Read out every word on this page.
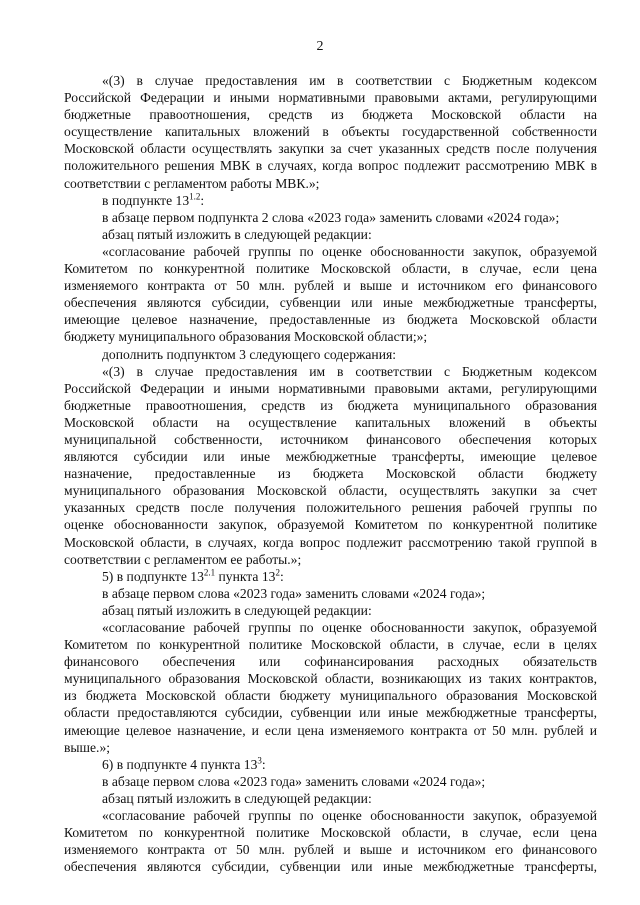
2

«(3) в случае предоставления им в соответствии с Бюджетным кодексом

Российской Федерации и иными нормативными правовыми актами, регулирующими

бюджетные правоотношения, средств из бюджета Московской области на

осуществление капитальных вложений в объекты государственной собственности

Московской области осуществлять закупки за счет указанных средств после получения

положительного решения МВК в случаях, когда вопрос подлежит рассмотрению МВК в

соответствии с регламентом работы МВК.»;

в подпункте $13^{1.2}$:

в абзаце первом подпункта 2 слова «2023 года» заменить словами «2024 года»;

абзац пятый изложить в следующей редакции:

«согласование рабочей группы по оценке обоснованности закупок, образуемой

Комитетом по конкурентной политике Московской области, в случае, если цена

изменяемого контракта от 50 млн. рублей и выше и источником его финансового

обеспечения являются субсидии, субвенции или иные межбюджетные трансферты,

имеющие целевое назначение, предоставленные из бюджета Московской области

бюджету муниципального образования Московской области;»;

дополнить подпунктом 3 следующего содержания:

«(3) в случае предоставления им в соответствии с Бюджетным кодексом

Российской Федерации и иными нормативными правовыми актами, регулирующими

бюджетные правоотношения, средств из бюджета муниципального образования

Московской области на осуществление капитальных вложений в объекты

муниципальной собственности, источником финансового обеспечения которых

являются субсидии или иные межбюджетные трансферты, имеющие целевое

назначение, предоставленные из бюджета Московской области бюджету

муниципального образования Московской области, осуществлять закупки за счет

указанных средств после получения положительного решения рабочей группы по

оценке обоснованности закупок, образуемой Комитетом по конкурентной политике

Московской области, в случаях, когда вопрос подлежит рассмотрению такой группой в

соответствии с регламентом ее работы.»;

5) в подпункте $13^{2.1}$ пункта $13^2$:

в абзаце первом слова «2023 года» заменить словами «2024 года»;

абзац пятый изложить в следующей редакции:

«согласование рабочей группы по оценке обоснованности закупок, образуемой

Комитетом по конкурентной политике Московской области, в случае, если в целях

финансового обеспечения или софинансирования расходных обязательств

муниципального образования Московской области, возникающих из таких контрактов,

из бюджета Московской области бюджету муниципального образования Московской

области предоставляются субсидии, субвенции или иные межбюджетные трансферты,

имеющие целевое назначение, и если цена изменяемого контракта от 50 млн. рублей и

выше.»;

6) в подпункте 4 пункта $13^3$:

в абзаце первом слова «2023 года» заменить словами «2024 года»;

абзац пятый изложить в следующей редакции:

«согласование рабочей группы по оценке обоснованности закупок, образуемой

Комитетом по конкурентной политике Московской области, в случае, если цена

изменяемого контракта от 50 млн. рублей и выше и источником его финансового

обеспечения являются субсидии, субвенции или иные межбюджетные трансферты,
